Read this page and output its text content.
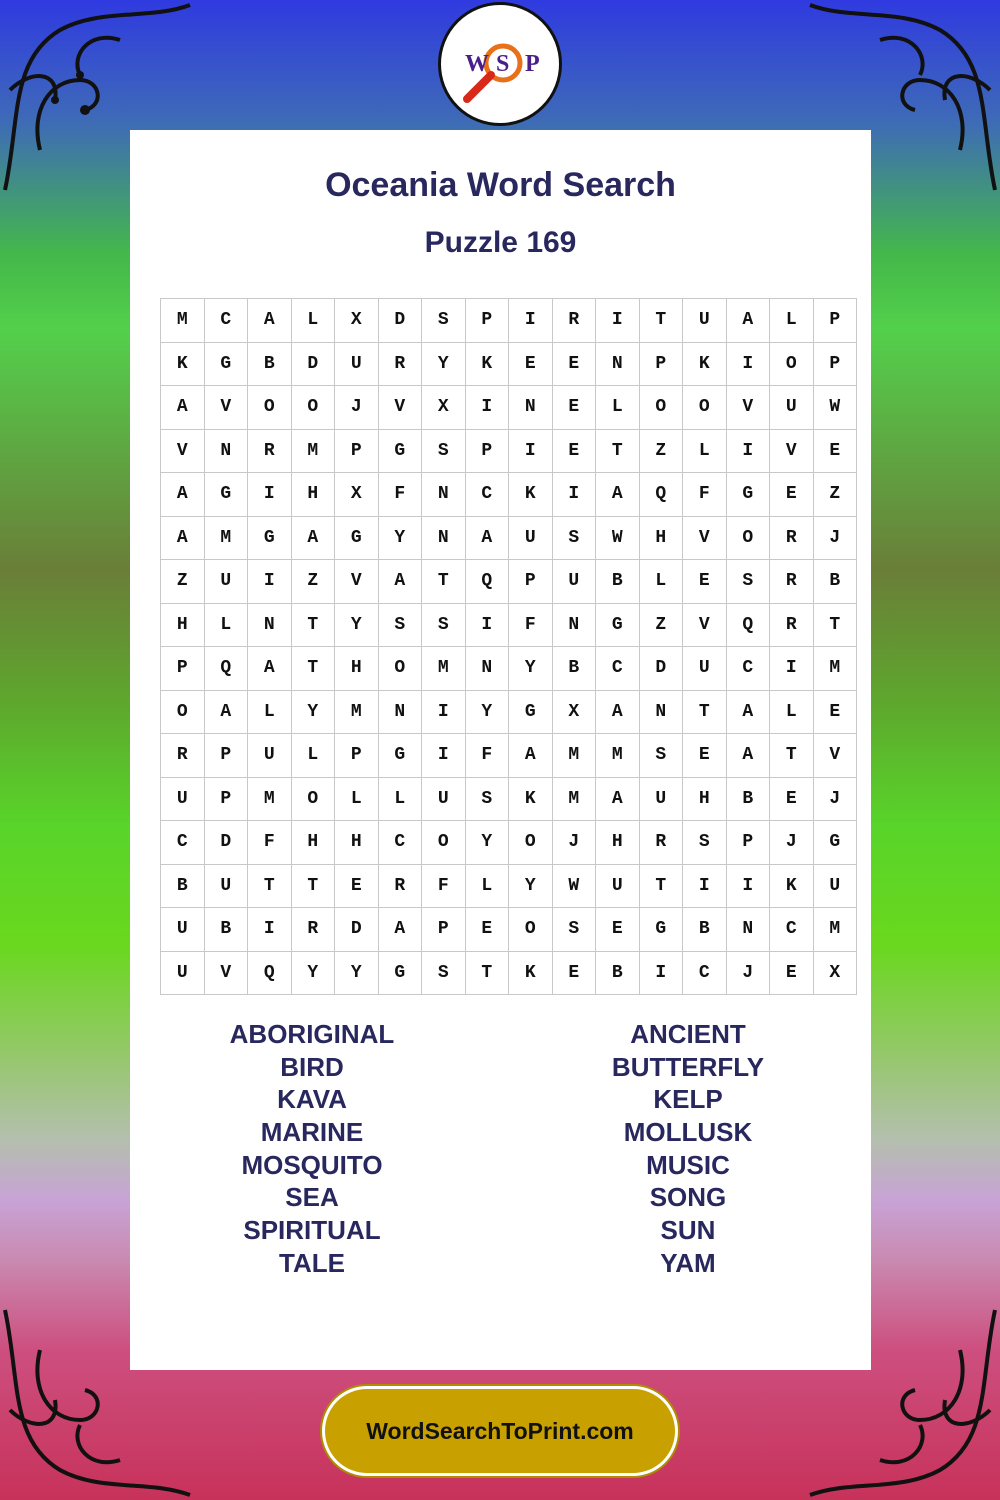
W S P
Oceania Word Search
Puzzle 169
M	C	A	L	X	D	S	P	I	R	I	T	U	A	L	P
K	G	B	D	U	R	Y	K	E	E	N	P	K	I	O	P
A	V	O	O	J	V	X	I	N	E	L	O	O	V	U	W
V	N	R	M	P	G	S	P	I	E	T	Z	L	I	V	E
A	G	I	H	X	F	N	C	K	I	A	Q	F	G	E	Z
A	M	G	A	G	Y	N	A	U	S	W	H	V	O	R	J
Z	U	I	Z	V	A	T	Q	P	U	B	L	E	S	R	B
H	L	N	T	Y	S	S	I	F	N	G	Z	V	Q	R	T
P	Q	A	T	H	O	M	N	Y	B	C	D	U	C	I	M
O	A	L	Y	M	N	I	Y	G	X	A	N	T	A	L	E
R	P	U	L	P	G	I	F	A	M	M	S	E	A	T	V
U	P	M	O	L	L	U	S	K	M	A	U	H	B	E	J
C	D	F	H	H	C	O	Y	O	J	H	R	S	P	J	G
B	U	T	T	E	R	F	L	Y	W	U	T	I	I	K	U
U	B	I	R	D	A	P	E	O	S	E	G	B	N	C	M
U	V	Q	Y	Y	G	S	T	K	E	B	I	C	J	E	X
ABORIGINAL
BIRD
KAVA
MARINE
MOSQUITO
SEA
SPIRITUAL
TALE
ANCIENT
BUTTERFLY
KELP
MOLLUSK
MUSIC
SONG
SUN
YAM
WordSearchToPrint.com
